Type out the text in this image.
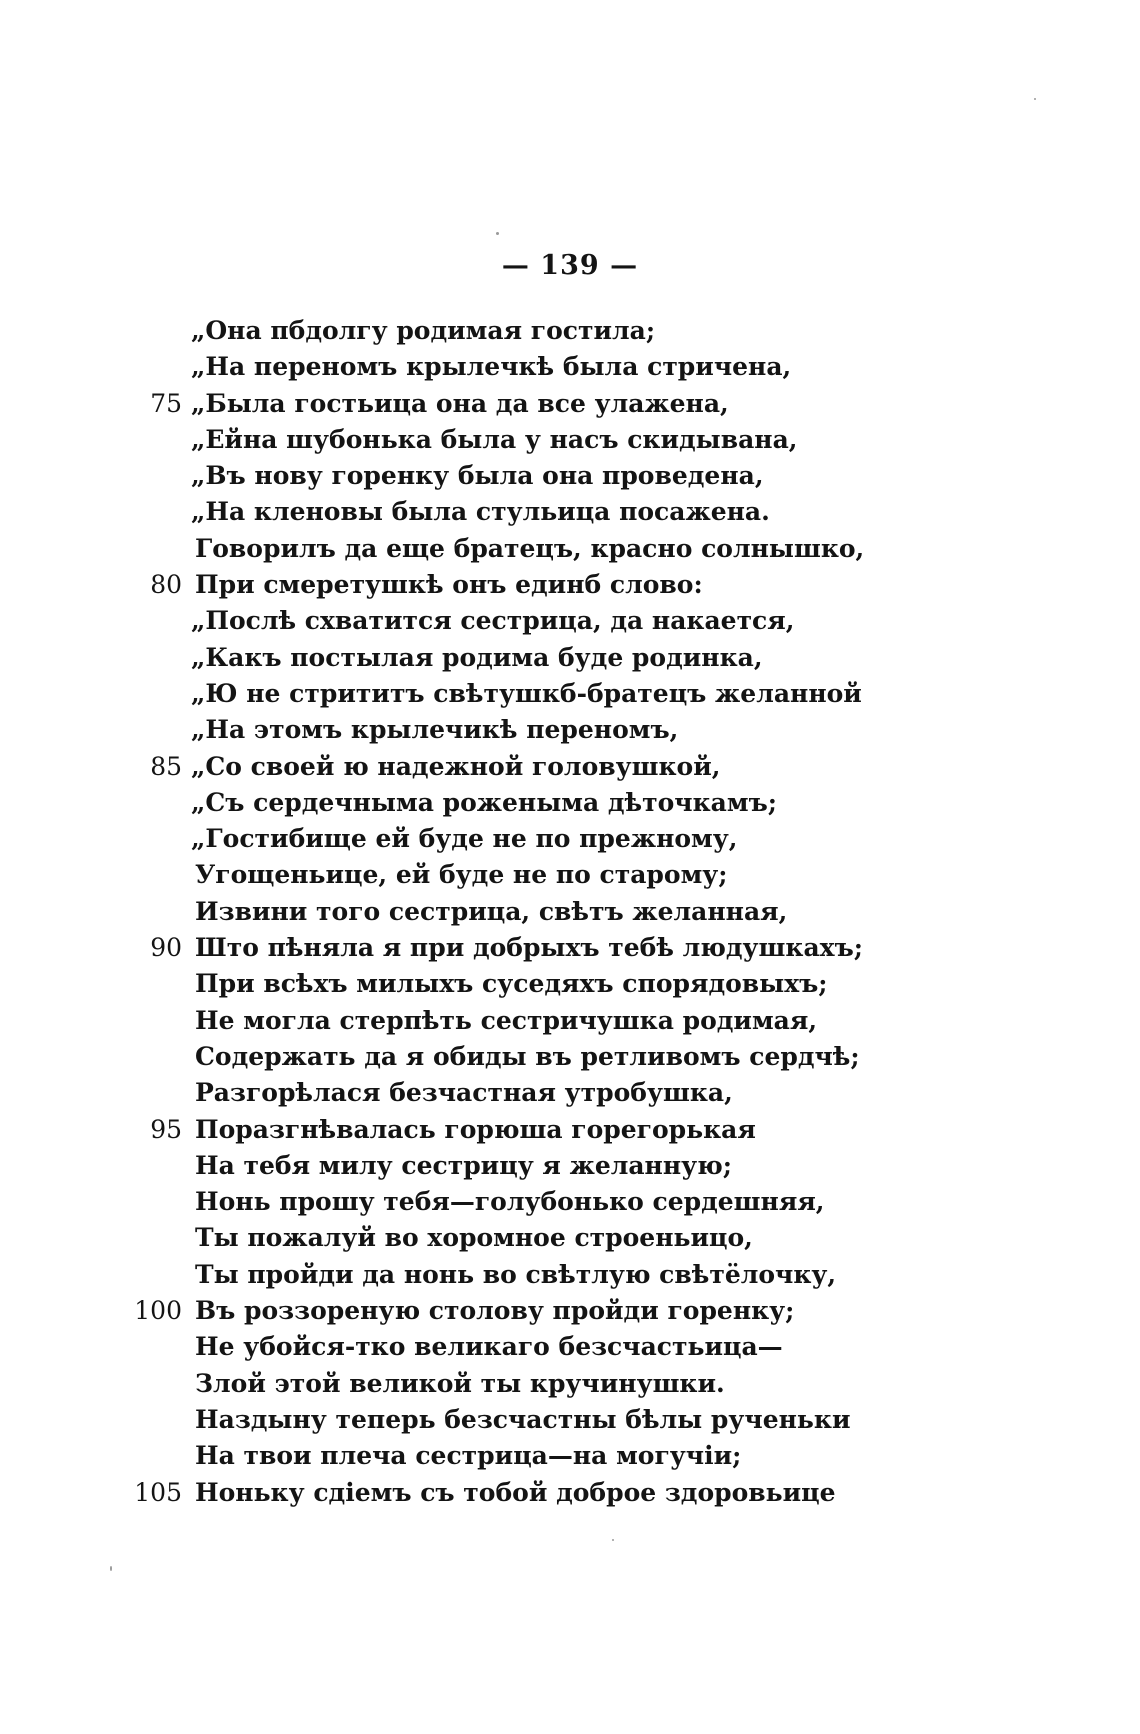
— 139 —
„Она пбдолгу родимая гостила;
„На переномъ крылечкѣ была стричена,
75 „Была гостьица она да все улажена,
„Ейна шубонька была у насъ скидывана,
„Въ нову горенку была она проведена,
„На кленовы была стульица посажена.
Говорилъ да еще братецъ, красно солнышко,
80 При смеретушкѣ онъ единб слово:
„Послѣ схватится сестрица, да накается,
„Какъ постылая родима буде родинка,
„Ю не стрититъ свѣтушкб-братецъ желанной
„На этомъ крылечикѣ переномъ,
85 „Со своей ю надежной головушкой,
„Съ сердечныма роженыма дѣточкамъ;
„Гостибище ей буде не по прежному,
Угощеньице, ей буде не по старому;
Извини того сестрица, свѣтъ желанная,
90 Што пѣняла я при добрыхъ тебѣ людушкахъ;
При всѣхъ милыхъ суседяхъ спорядовыхъ;
Не могла стерпѣть сестричушка родимая,
Содержать да я обиды въ ретливомъ сердчѣ;
Разгорѣлася безчастная утробушка,
95 Поразгнѣвалась горюша горегорькая
На тебя милу сестрицу я желанную;
Нонь прошу тебя—голубонько сердешняя,
Ты пожалуй во хоромное строеньицо,
Ты пройди да нонь во свѣтлую свѣтёлочку,
100 Въ роззореную столову пройди горенку;
Не убойся-тко великаго безсчастьица—
Злой этой великой ты кручинушки.
Наздыну теперь безсчастны бѣлы рученьки
На твои плеча сестрица—на могучіи;
105 Ноньку сдіемъ съ тобой доброе здоровьице
